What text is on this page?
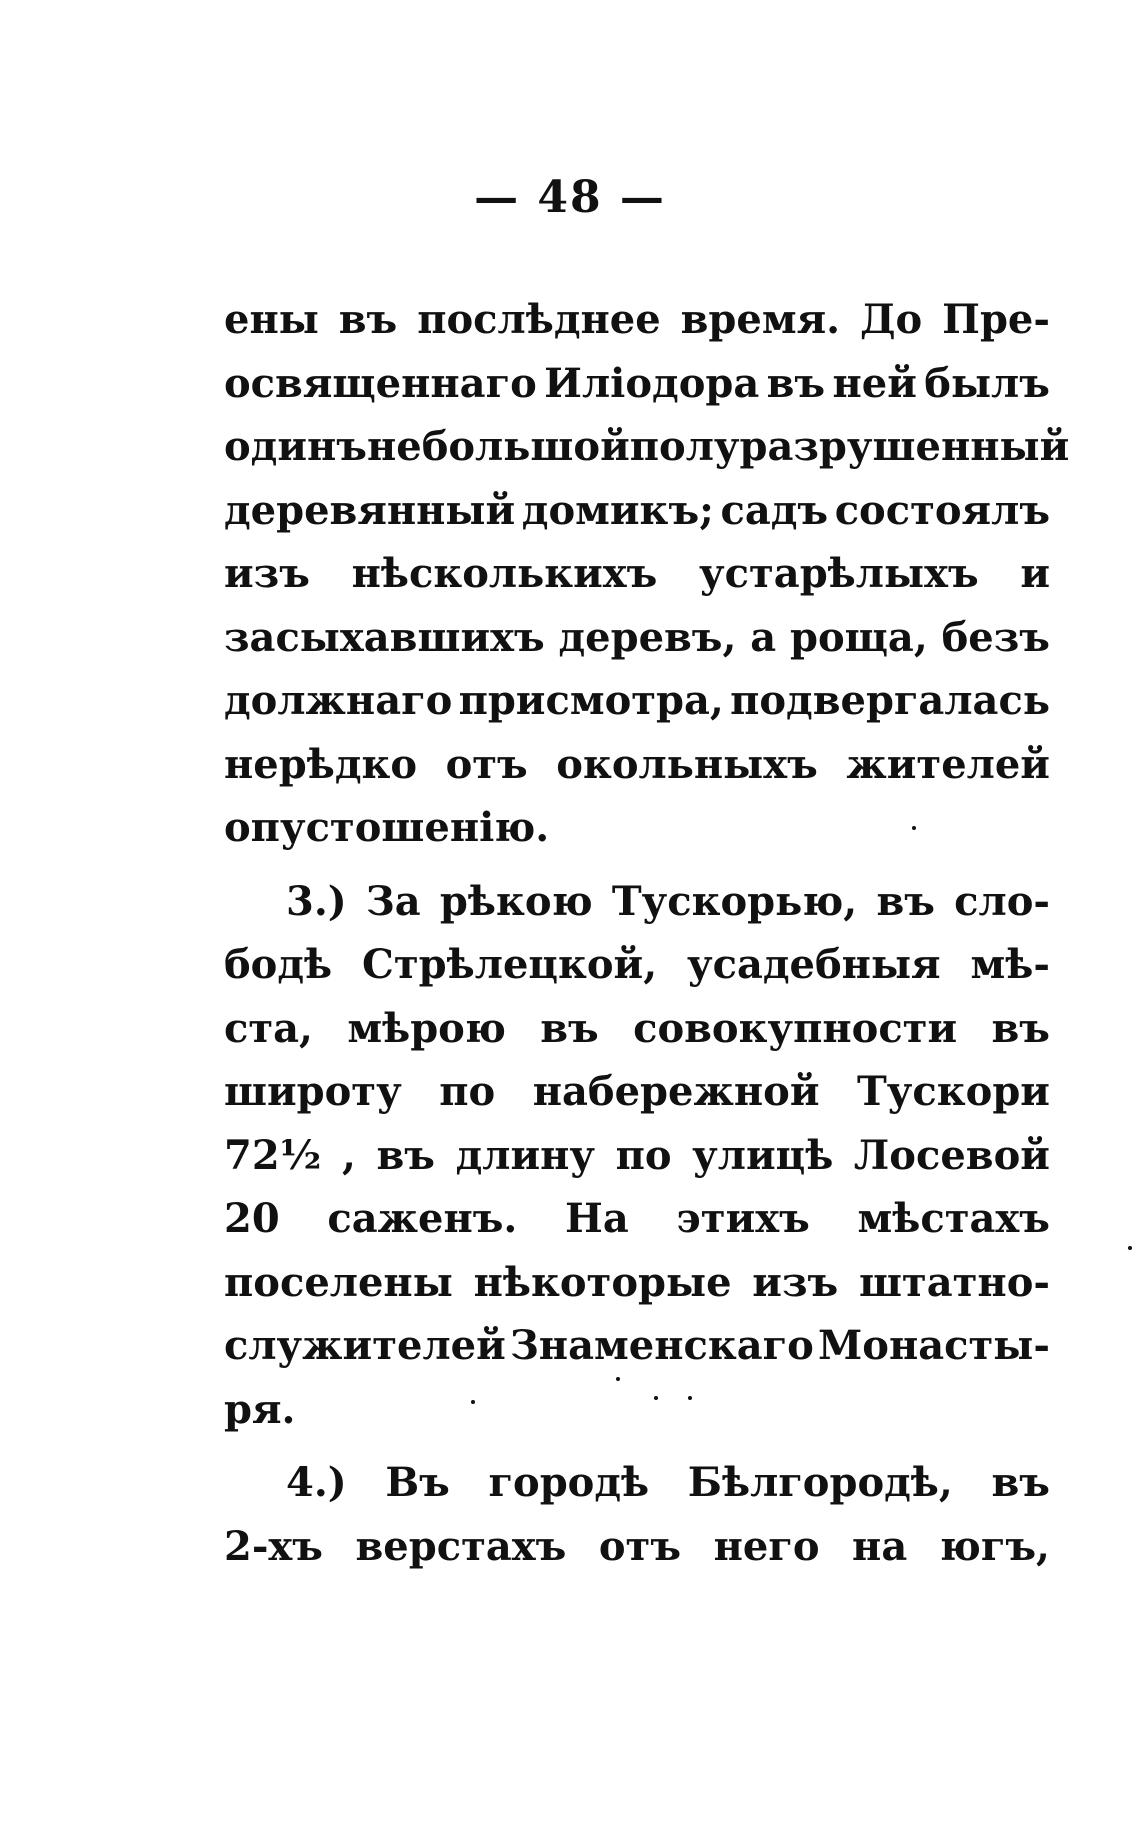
— 48 —
ены въ послѣднее время. До Пре-
освященнаго Иліодора въ ней былъ
одинъ небольшой полуразрушенный
деревянный домикъ; садъ состоялъ
изъ нѣсколькихъ устарѣлыхъ и
засыхавшихъ деревъ, а роща, безъ
должнаго присмотра, подвергалась
нерѣдко отъ окольныхъ жителей
опустошенію.
3.) За рѣкою Тускорью, въ сло-
бодѣ Стрѣлецкой, усадебныя мѣ-
ста, мѣрою въ совокупности въ
широту по набережной Тускори
72½ , въ длину по улицѣ Лосевой
20 саженъ. На этихъ мѣстахъ
поселены нѣкоторые изъ штатно-
служителей Знаменскаго Монасты-
ря.
4.) Въ городѣ Бѣлгородѣ, въ
2-хъ верстахъ отъ него на югъ,
